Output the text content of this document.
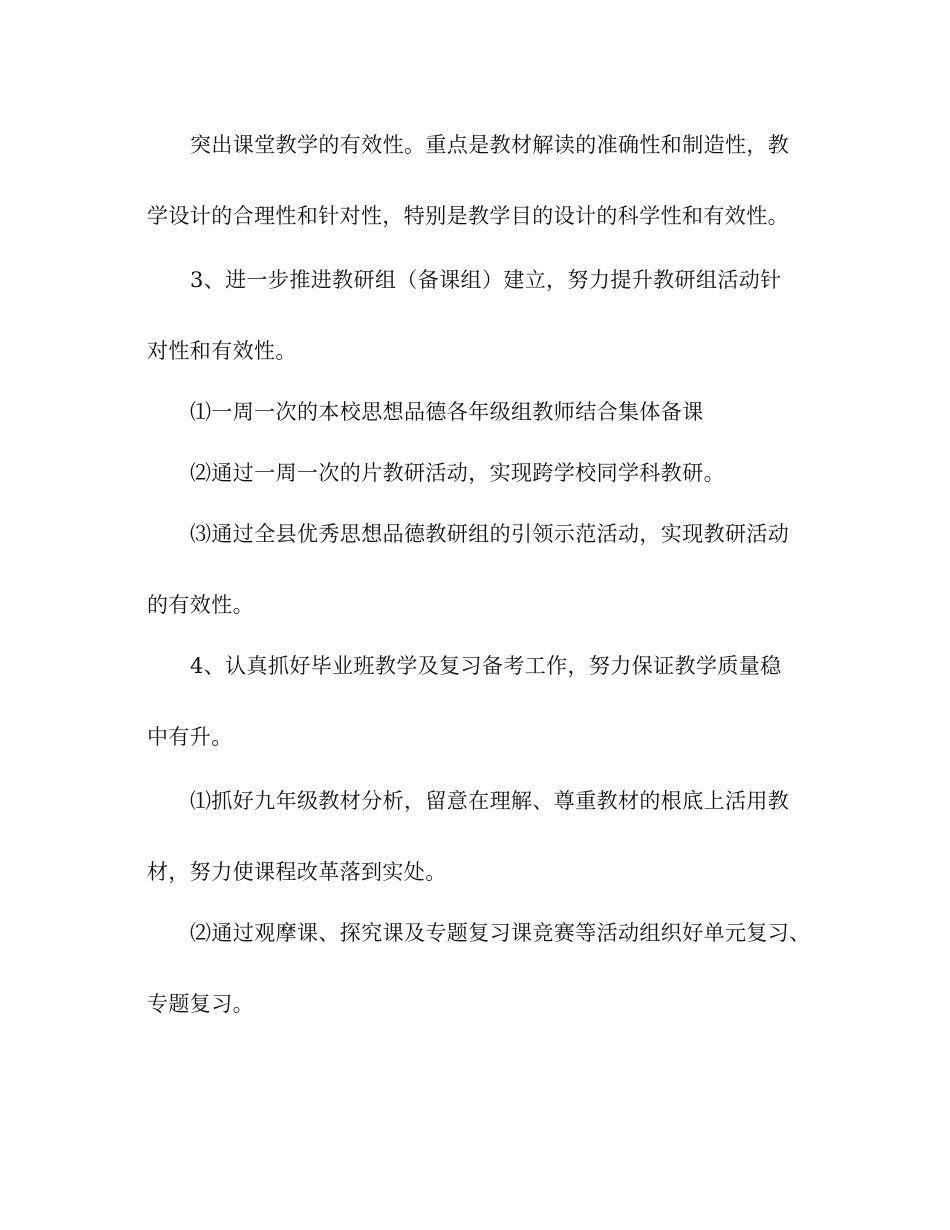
突出课堂教学的有效性。重点是教材解读的准确性和制造性，教
学设计的合理性和针对性，特别是教学目的设计的科学性和有效性。
3、进一步推进教研组（备课组）建立，努力提升教研组活动针
对性和有效性。
⑴一周一次的本校思想品德各年级组教师结合集体备课
⑵通过一周一次的片教研活动，实现跨学校同学科教研。
⑶通过全县优秀思想品德教研组的引领示范活动，实现教研活动
的有效性。
4、认真抓好毕业班教学及复习备考工作，努力保证教学质量稳
中有升。
⑴抓好九年级教材分析，留意在理解、尊重教材的根底上活用教
材，努力使课程改革落到实处。
⑵通过观摩课、探究课及专题复习课竞赛等活动组织好单元复习、
专题复习。
